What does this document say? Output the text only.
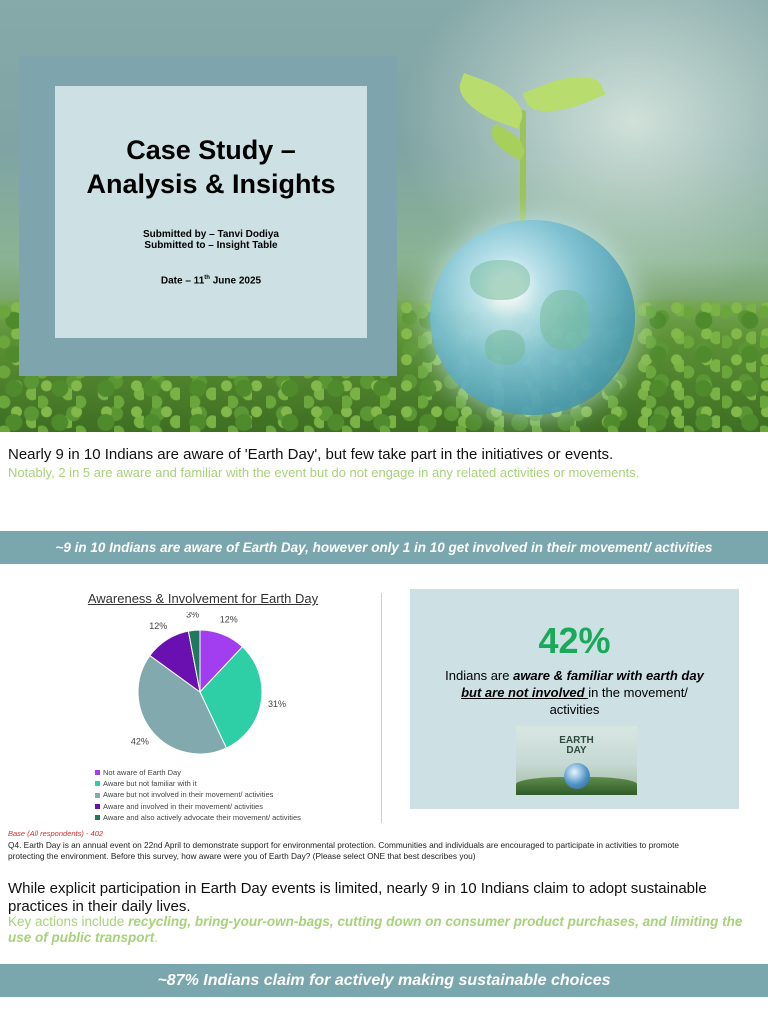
Case Study –
Analysis & Insights
Submitted by – Tanvi Dodiya
Submitted to – Insight Table
Date – 11th June 2025
Nearly 9 in 10 Indians are aware of 'Earth Day', but few take part in the initiatives or events.
Notably, 2 in 5 are aware and familiar with the event but do not engage in any related activities or movements.
~9 in 10 Indians are aware of Earth Day, however only 1 in 10 get involved in their movement/ activities
Awareness & Involvement for Earth Day
12%
31%
42%
12%
3%
Not aware of Earth Day
Aware but not familiar with it
Aware but not involved in their movement/ activities
Aware and involved in their movement/ activities
Aware and also actively advocate their movement/ activities
42%
Indians are aware & familiar with earth day but are not involved in the movement/ activities
EARTH
DAY
Base (All respondents) - 402
Q4. Earth Day is an annual event on 22nd April to demonstrate support for environmental protection. Communities and individuals are encouraged to participate in activities to promote protecting the environment. Before this survey, how aware were you of Earth Day? (Please select ONE that best describes you)
While explicit participation in Earth Day events is limited, nearly 9 in 10 Indians claim to adopt sustainable practices in their daily lives.
Key actions include recycling, bring-your-own-bags, cutting down on consumer product purchases, and limiting the use of public transport.
~87% Indians claim for actively making sustainable choices
